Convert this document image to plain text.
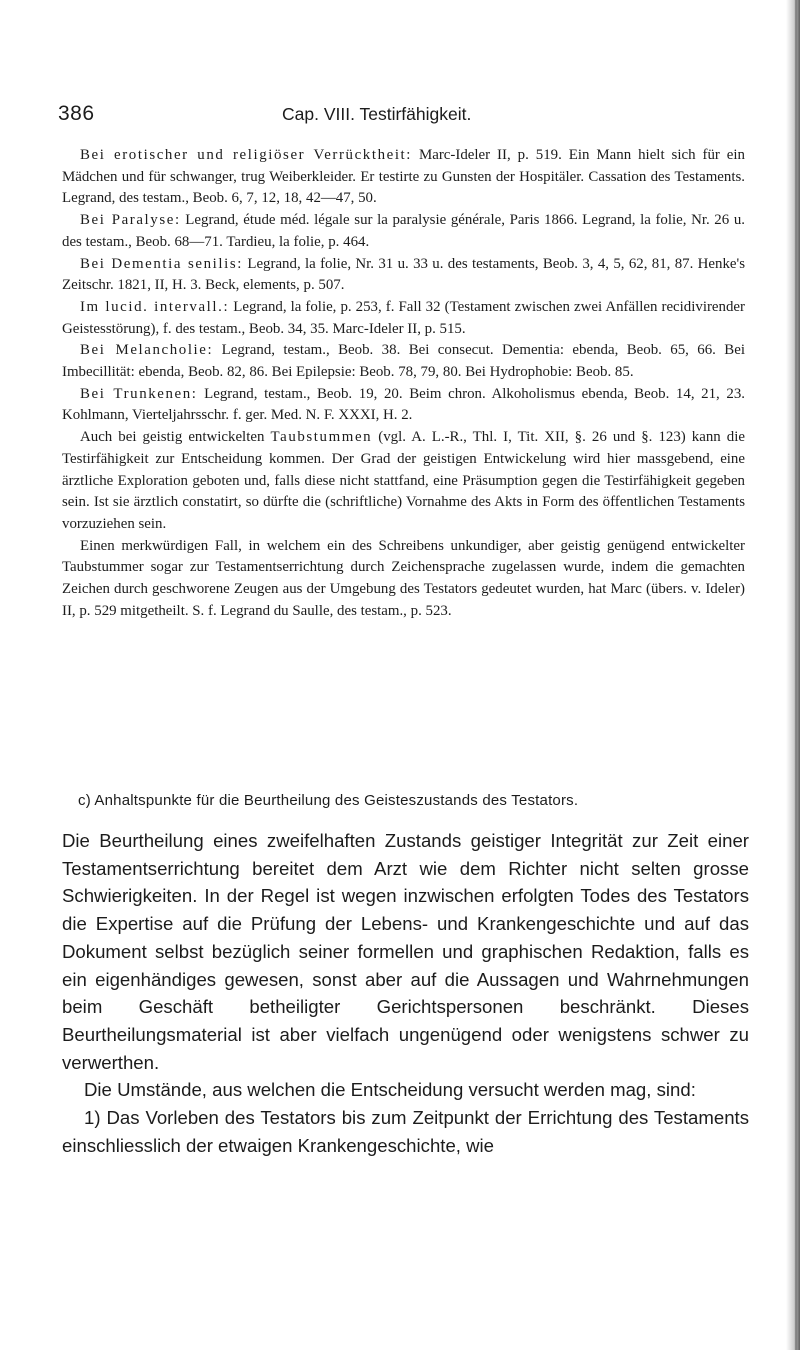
386	Cap. VIII. Testirfähigkeit.

Bei erotischer und religiöser Verrücktheit: Marc-Ideler II, p. 519. Ein Mann hielt sich für ein Mädchen und für schwanger, trug Weiberkleider. Er testirte zu Gunsten der Hospitäler. Cassation des Testaments. Legrand, des testam., Beob. 6, 7, 12, 18, 42—47, 50.

Bei Paralyse: Legrand, étude méd. légale sur la paralysie générale, Paris 1866. Legrand, la folie, Nr. 26 u. des testam., Beob. 68—71. Tardieu, la folie, p. 464.

Bei Dementia senilis: Legrand, la folie, Nr. 31 u. 33 u. des testaments, Beob. 3, 4, 5, 62, 81, 87. Henke's Zeitschr. 1821, II, H. 3. Beck, elements, p. 507.

Im lucid. intervall.: Legrand, la folie, p. 253, f. Fall 32 (Testament zwischen zwei Anfällen recidivirender Geistesstörung), f. des testam., Beob. 34, 35. Marc-Ideler II, p. 515.

Bei Melancholie: Legrand, testam., Beob. 38. Bei consecut. Dementia: ebenda, Beob. 65, 66. Bei Imbecillität: ebenda, Beob. 82, 86. Bei Epilepsie: Beob. 78, 79, 80. Bei Hydrophobie: Beob. 85.

Bei Trunkenen: Legrand, testam., Beob. 19, 20. Beim chron. Alkoholismus ebenda, Beob. 14, 21, 23. Kohlmann, Vierteljahrsschr. f. ger. Med. N. F. XXXI, H. 2.

Auch bei geistig entwickelten Taubstummen (vgl. A. L.-R., Thl. I, Tit. XII, §. 26 und §. 123) kann die Testirfähigkeit zur Entscheidung kommen. Der Grad der geistigen Entwickelung wird hier massgebend, eine ärztliche Exploration geboten und, falls diese nicht stattfand, eine Präsumption gegen die Testirfähigkeit gegeben sein. Ist sie ärztlich constatirt, so dürfte die (schriftliche) Vornahme des Akts in Form des öffentlichen Testaments vorzuziehen sein.

Einen merkwürdigen Fall, in welchem ein des Schreibens unkundiger, aber geistig genügend entwickelter Taubstummer sogar zur Testamentserrichtung durch Zeichensprache zugelassen wurde, indem die gemachten Zeichen durch geschworene Zeugen aus der Umgebung des Testators gedeutet wurden, hat Marc (übers. v. Ideler) II, p. 529 mitgetheilt. S. f. Legrand du Saulle, des testam., p. 523.

c) Anhaltspunkte für die Beurtheilung des Geisteszustands des Testators.

Die Beurtheilung eines zweifelhaften Zustands geistiger Integrität zur Zeit einer Testamentserrichtung bereitet dem Arzt wie dem Richter nicht selten grosse Schwierigkeiten. In der Regel ist wegen inzwischen erfolgten Todes des Testators die Expertise auf die Prüfung der Lebens- und Krankengeschichte und auf das Dokument selbst bezüglich seiner formellen und graphischen Redaktion, falls es ein eigenhändiges gewesen, sonst aber auf die Aussagen und Wahrnehmungen beim Geschäft betheiligter Gerichtspersonen beschränkt. Dieses Beurtheilungsmaterial ist aber vielfach ungenügend oder wenigstens schwer zu verwerthen.

Die Umstände, aus welchen die Entscheidung versucht werden mag, sind:

1) Das Vorleben des Testators bis zum Zeitpunkt der Errichtung des Testaments einschliesslich der etwaigen Krankengeschichte, wie
